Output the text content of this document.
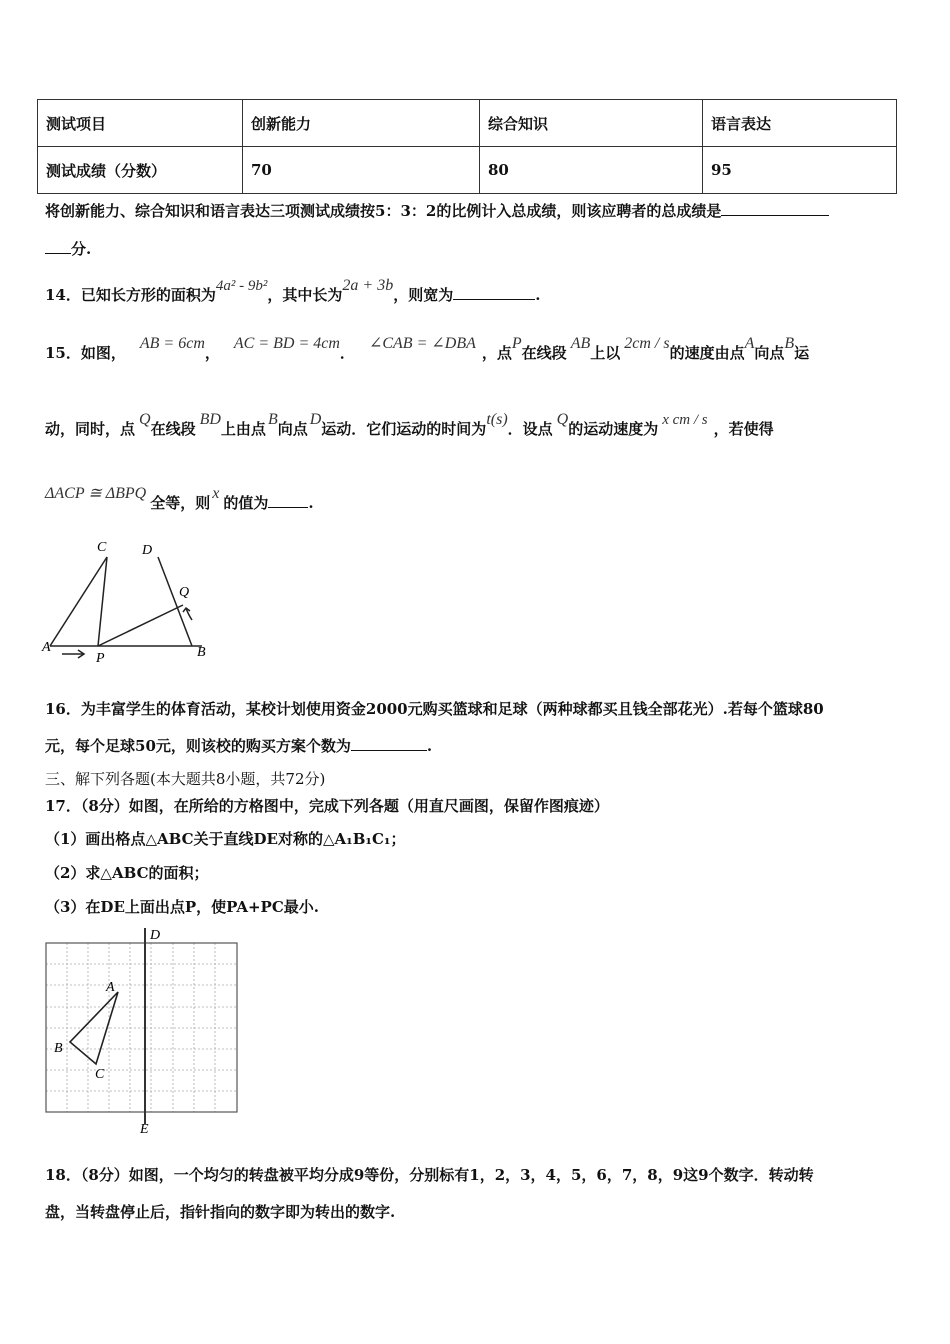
测试项目	创新能力	综合知识	语言表达
测试成绩（分数）	70	80	95
将创新能力、综合知识和语言表达三项测试成绩按5：3：2的比例计入总成绩，则该应聘者的总成绩是
分.
14．已知长方形的面积为4a² - 9b²，其中长为2a + 3b，则宽为	.
15．如图，AB = 6cm，AC = BD = 4cm．∠CAB = ∠DBA，点P在线段AB上以2cm / s的速度由点A向点B运
动，同时，点Q在线段BD上由点B向点D运动．它们运动的时间为t(s)．设点Q的运动速度为 x cm / s ，若使得
ΔACP ≅ ΔBPQ全等，则x的值为	.
C	D
Q
A
P	B
16．为丰富学生的体育活动，某校计划使用资金2000元购买篮球和足球（两种球都买且钱全部花光）.若每个篮球80
元，每个足球50元，则该校的购买方案个数为	.
三、解下列各题(本大题共8小题，共72分)
17．（8分）如图，在所给的方格图中，完成下列各题（用直尺画图，保留作图痕迹）
（1）画出格点△ABC关于直线DE对称的△A₁B₁C₁；
（2）求△ABC的面积；
（3）在DE上面出点P，使PA+PC最小.
D
E
A
B
C
18．（8分）如图，一个均匀的转盘被平均分成9等份，分别标有1，2，3，4，5，6，7，8，9这9个数字．转动转
盘，当转盘停止后，指针指向的数字即为转出的数字.
